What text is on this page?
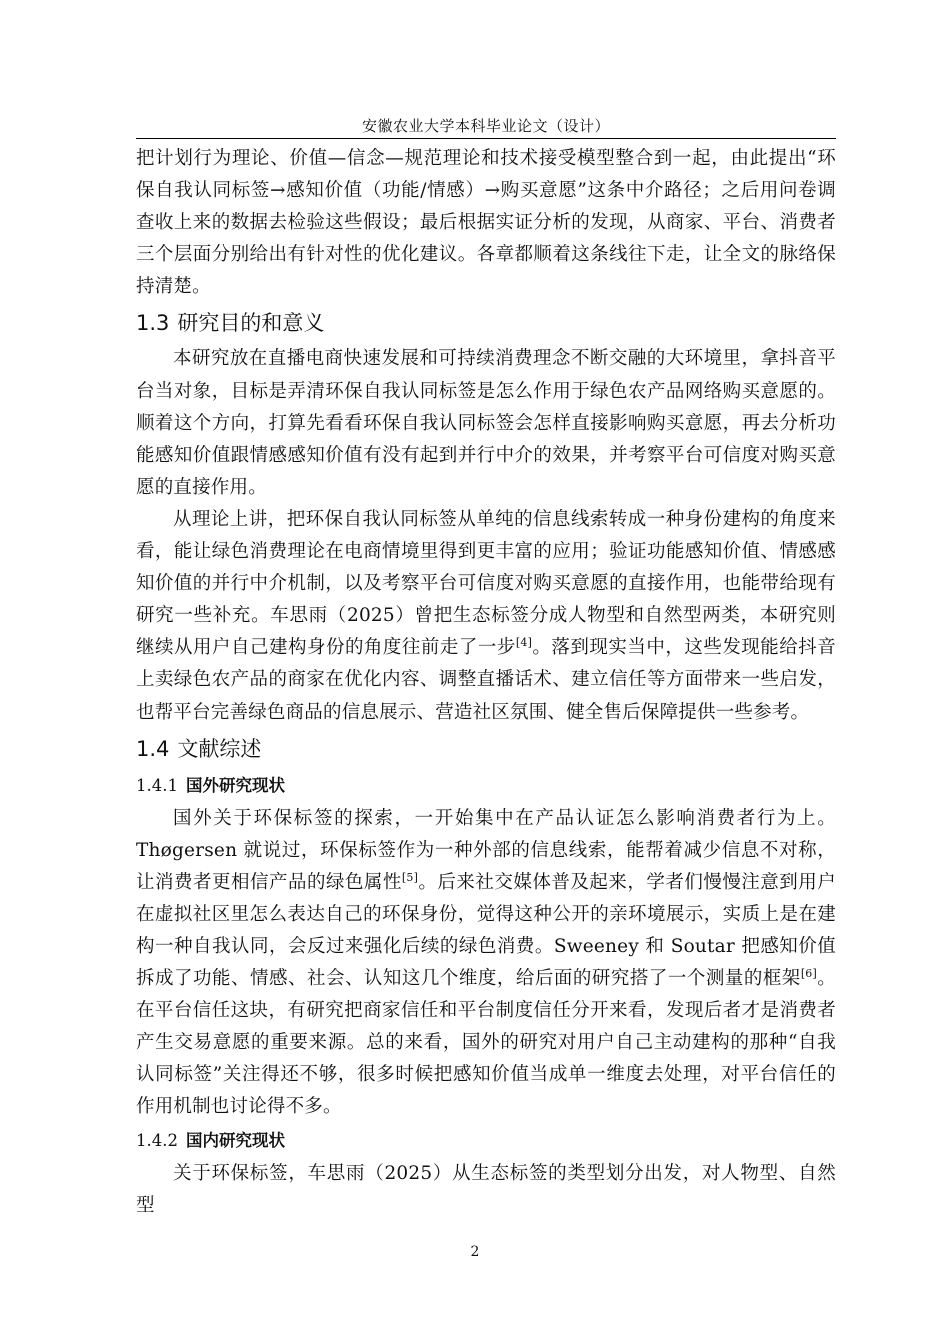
安徽农业大学本科毕业论文（设计）

把计划行为理论、价值—信念—规范理论和技术接受模型整合到一起，由此提出“环保自我认同标签→感知价值（功能/情感）→购买意愿”这条中介路径；之后用问卷调查收上来的数据去检验这些假设；最后根据实证分析的发现，从商家、平台、消费者三个层面分别给出有针对性的优化建议。各章都顺着这条线往下走，让全文的脉络保持清楚。

1.3 研究目的和意义

本研究放在直播电商快速发展和可持续消费理念不断交融的大环境里，拿抖音平台当对象，目标是弄清环保自我认同标签是怎么作用于绿色农产品网络购买意愿的。顺着这个方向，打算先看看环保自我认同标签会怎样直接影响购买意愿，再去分析功能感知价值跟情感感知价值有没有起到并行中介的效果，并考察平台可信度对购买意愿的直接作用。

从理论上讲，把环保自我认同标签从单纯的信息线索转成一种身份建构的角度来看，能让绿色消费理论在电商情境里得到更丰富的应用；验证功能感知价值、情感感知价值的并行中介机制，以及考察平台可信度对购买意愿的直接作用，也能带给现有研究一些补充。车思雨（2025）曾把生态标签分成人物型和自然型两类，本研究则继续从用户自己建构身份的角度往前走了一步[4]。落到现实当中，这些发现能给抖音上卖绿色农产品的商家在优化内容、调整直播话术、建立信任等方面带来一些启发，也帮平台完善绿色商品的信息展示、营造社区氛围、健全售后保障提供一些参考。

1.4 文献综述
1.4.1 国外研究现状

国外关于环保标签的探索，一开始集中在产品认证怎么影响消费者行为上。Thøgersen 就说过，环保标签作为一种外部的信息线索，能帮着减少信息不对称，让消费者更相信产品的绿色属性[5]。后来社交媒体普及起来，学者们慢慢注意到用户在虚拟社区里怎么表达自己的环保身份，觉得这种公开的亲环境展示，实质上是在建构一种自我认同，会反过来强化后续的绿色消费。Sweeney 和 Soutar 把感知价值拆成了功能、情感、社会、认知这几个维度，给后面的研究搭了一个测量的框架[6]。在平台信任这块，有研究把商家信任和平台制度信任分开来看，发现后者才是消费者产生交易意愿的重要来源。总的来看，国外的研究对用户自己主动建构的那种“自我认同标签”关注得还不够，很多时候把感知价值当成单一维度去处理，对平台信任的作用机制也讨论得不多。

1.4.2 国内研究现状

关于环保标签，车思雨（2025）从生态标签的类型划分出发，对人物型、自然型

2
